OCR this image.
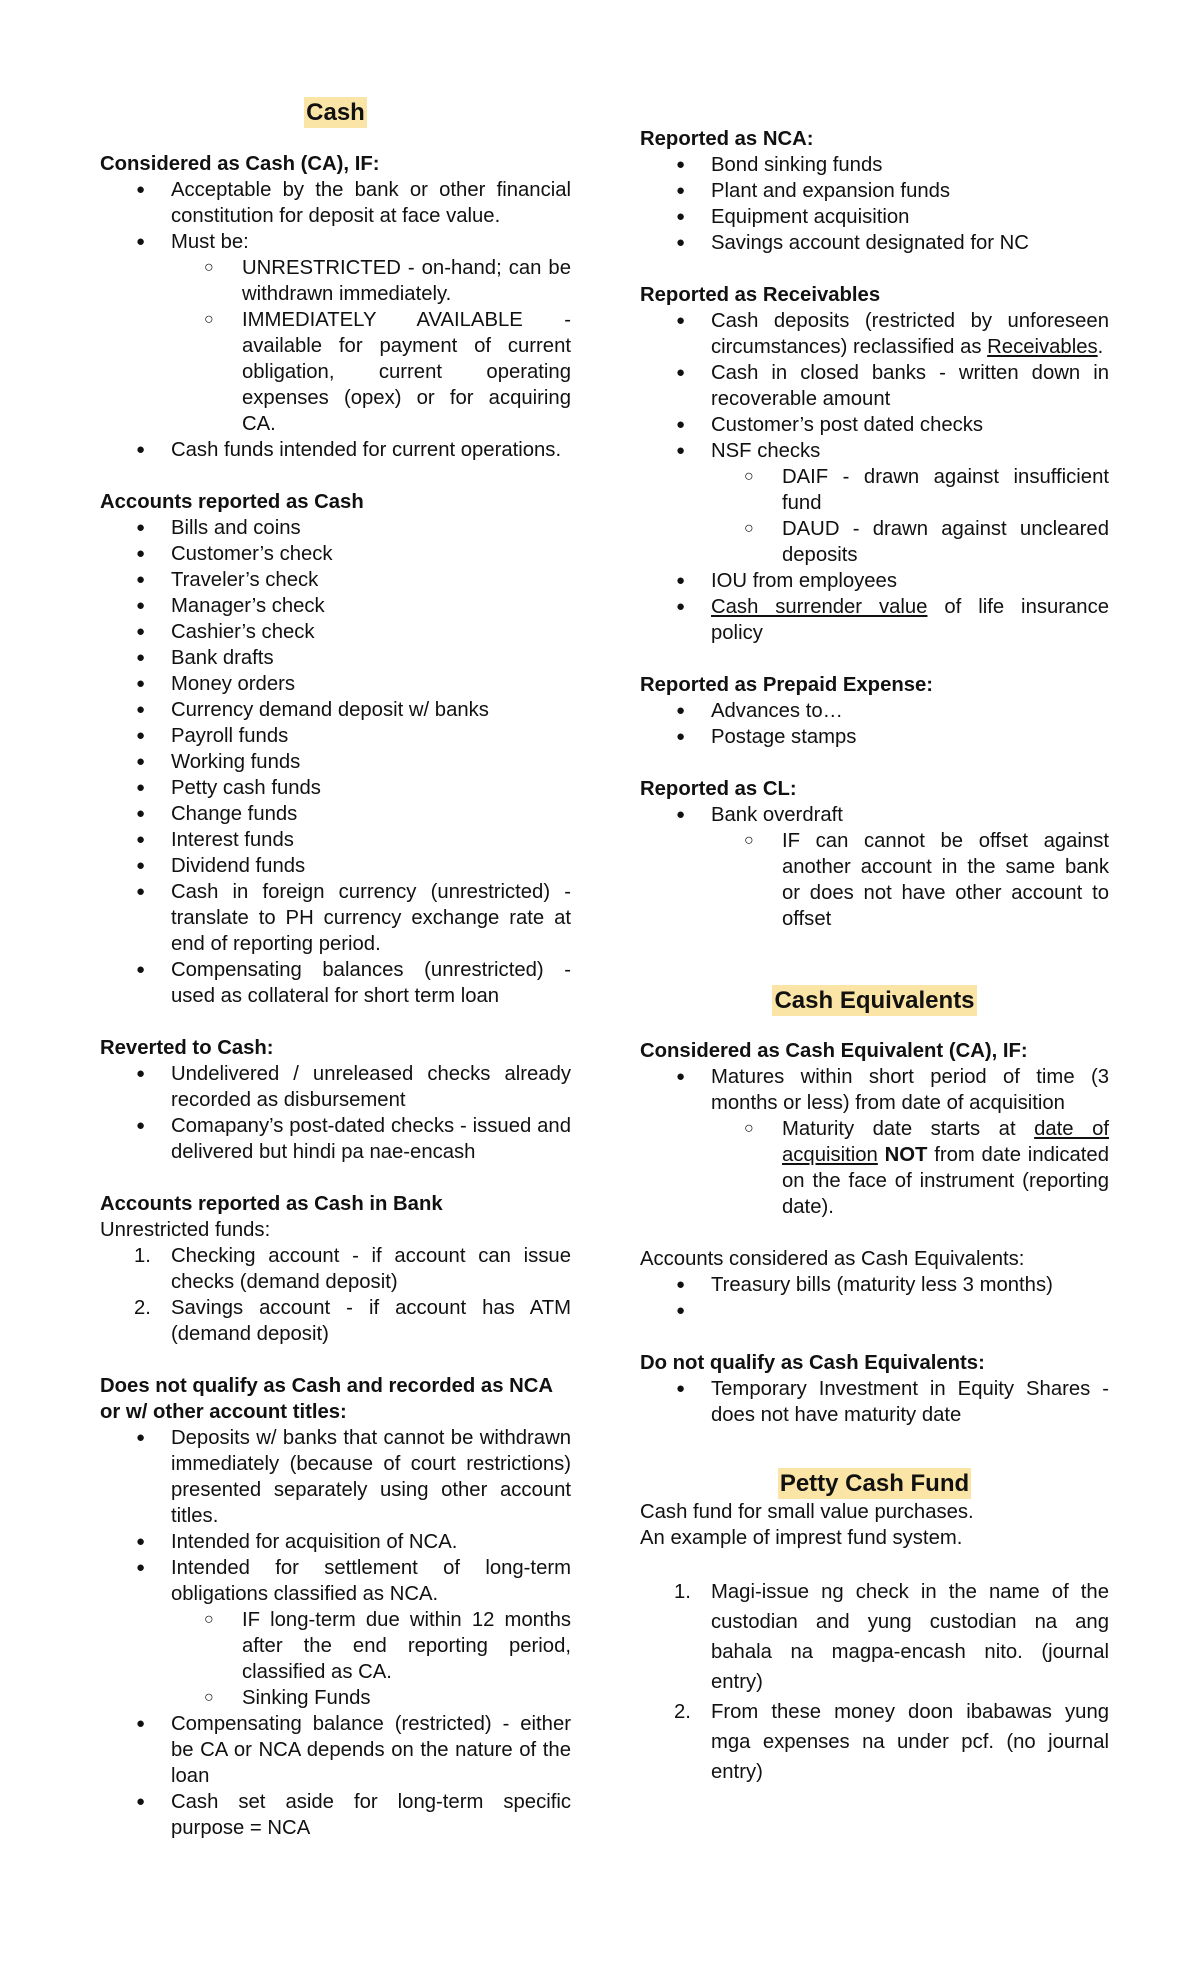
Cash

Considered as Cash (CA), IF:

● Acceptable by the bank or other financial constitution for deposit at face value.
● Must be:
○ UNRESTRICTED - on-hand; can be withdrawn immediately.
○ IMMEDIATELY AVAILABLE - available for payment of current obligation, current operating expenses (opex) or for acquiring CA.
● Cash funds intended for current operations.

Accounts reported as Cash

● Bills and coins
● Customer’s check
● Traveler’s check
● Manager’s check
● Cashier’s check
● Bank drafts
● Money orders
● Currency demand deposit w/ banks
● Payroll funds
● Working funds
● Petty cash funds
● Change funds
● Interest funds
● Dividend funds
● Cash in foreign currency (unrestricted) - translate to PH currency exchange rate at end of reporting period.
● Compensating balances (unrestricted) - used as collateral for short term loan

Reverted to Cash:

● Undelivered / unreleased checks already recorded as disbursement
● Comapany’s post-dated checks - issued and delivered but hindi pa nae-encash

Accounts reported as Cash in Bank

Unrestricted funds:

1. Checking account - if account can issue checks (demand deposit)
2. Savings account - if account has ATM (demand deposit)

Does not qualify as Cash and recorded as NCA or w/ other account titles:

● Deposits w/ banks that cannot be withdrawn immediately (because of court restrictions) presented separately using other account titles.
● Intended for acquisition of NCA.
● Intended for settlement of long-term obligations classified as NCA.
○ IF long-term due within 12 months after the end reporting period, classified as CA.
○ Sinking Funds
● Compensating balance (restricted) - either be CA or NCA depends on the nature of the loan
● Cash set aside for long-term specific purpose = NCA

Reported as NCA:

● Bond sinking funds
● Plant and expansion funds
● Equipment acquisition
● Savings account designated for NC

Reported as Receivables

● Cash deposits (restricted by unforeseen circumstances) reclassified as Receivables.
● Cash in closed banks - written down in recoverable amount
● Customer’s post dated checks
● NSF checks
○ DAIF - drawn against insufficient fund
○ DAUD - drawn against uncleared deposits
● IOU from employees
● Cash surrender value of life insurance policy

Reported as Prepaid Expense:

● Advances to…
● Postage stamps

Reported as CL:

● Bank overdraft
○ IF can cannot be offset against another account in the same bank or does not have other account to offset

Cash Equivalents

Considered as Cash Equivalent (CA), IF:

● Matures within short period of time (3 months or less) from date of acquisition
○ Maturity date starts at date of acquisition NOT from date indicated on the face of instrument (reporting date).

Accounts considered as Cash Equivalents:

● Treasury bills (maturity less 3 months)
●

Do not qualify as Cash Equivalents:

● Temporary Investment in Equity Shares - does not have maturity date

Petty Cash Fund

Cash fund for small value purchases.

An example of imprest fund system.

1. Magi-issue ng check in the name of the custodian and yung custodian na ang bahala na magpa-encash nito. (journal entry)
2. From these money doon ibabawas yung mga expenses na under pcf. (no journal entry)
